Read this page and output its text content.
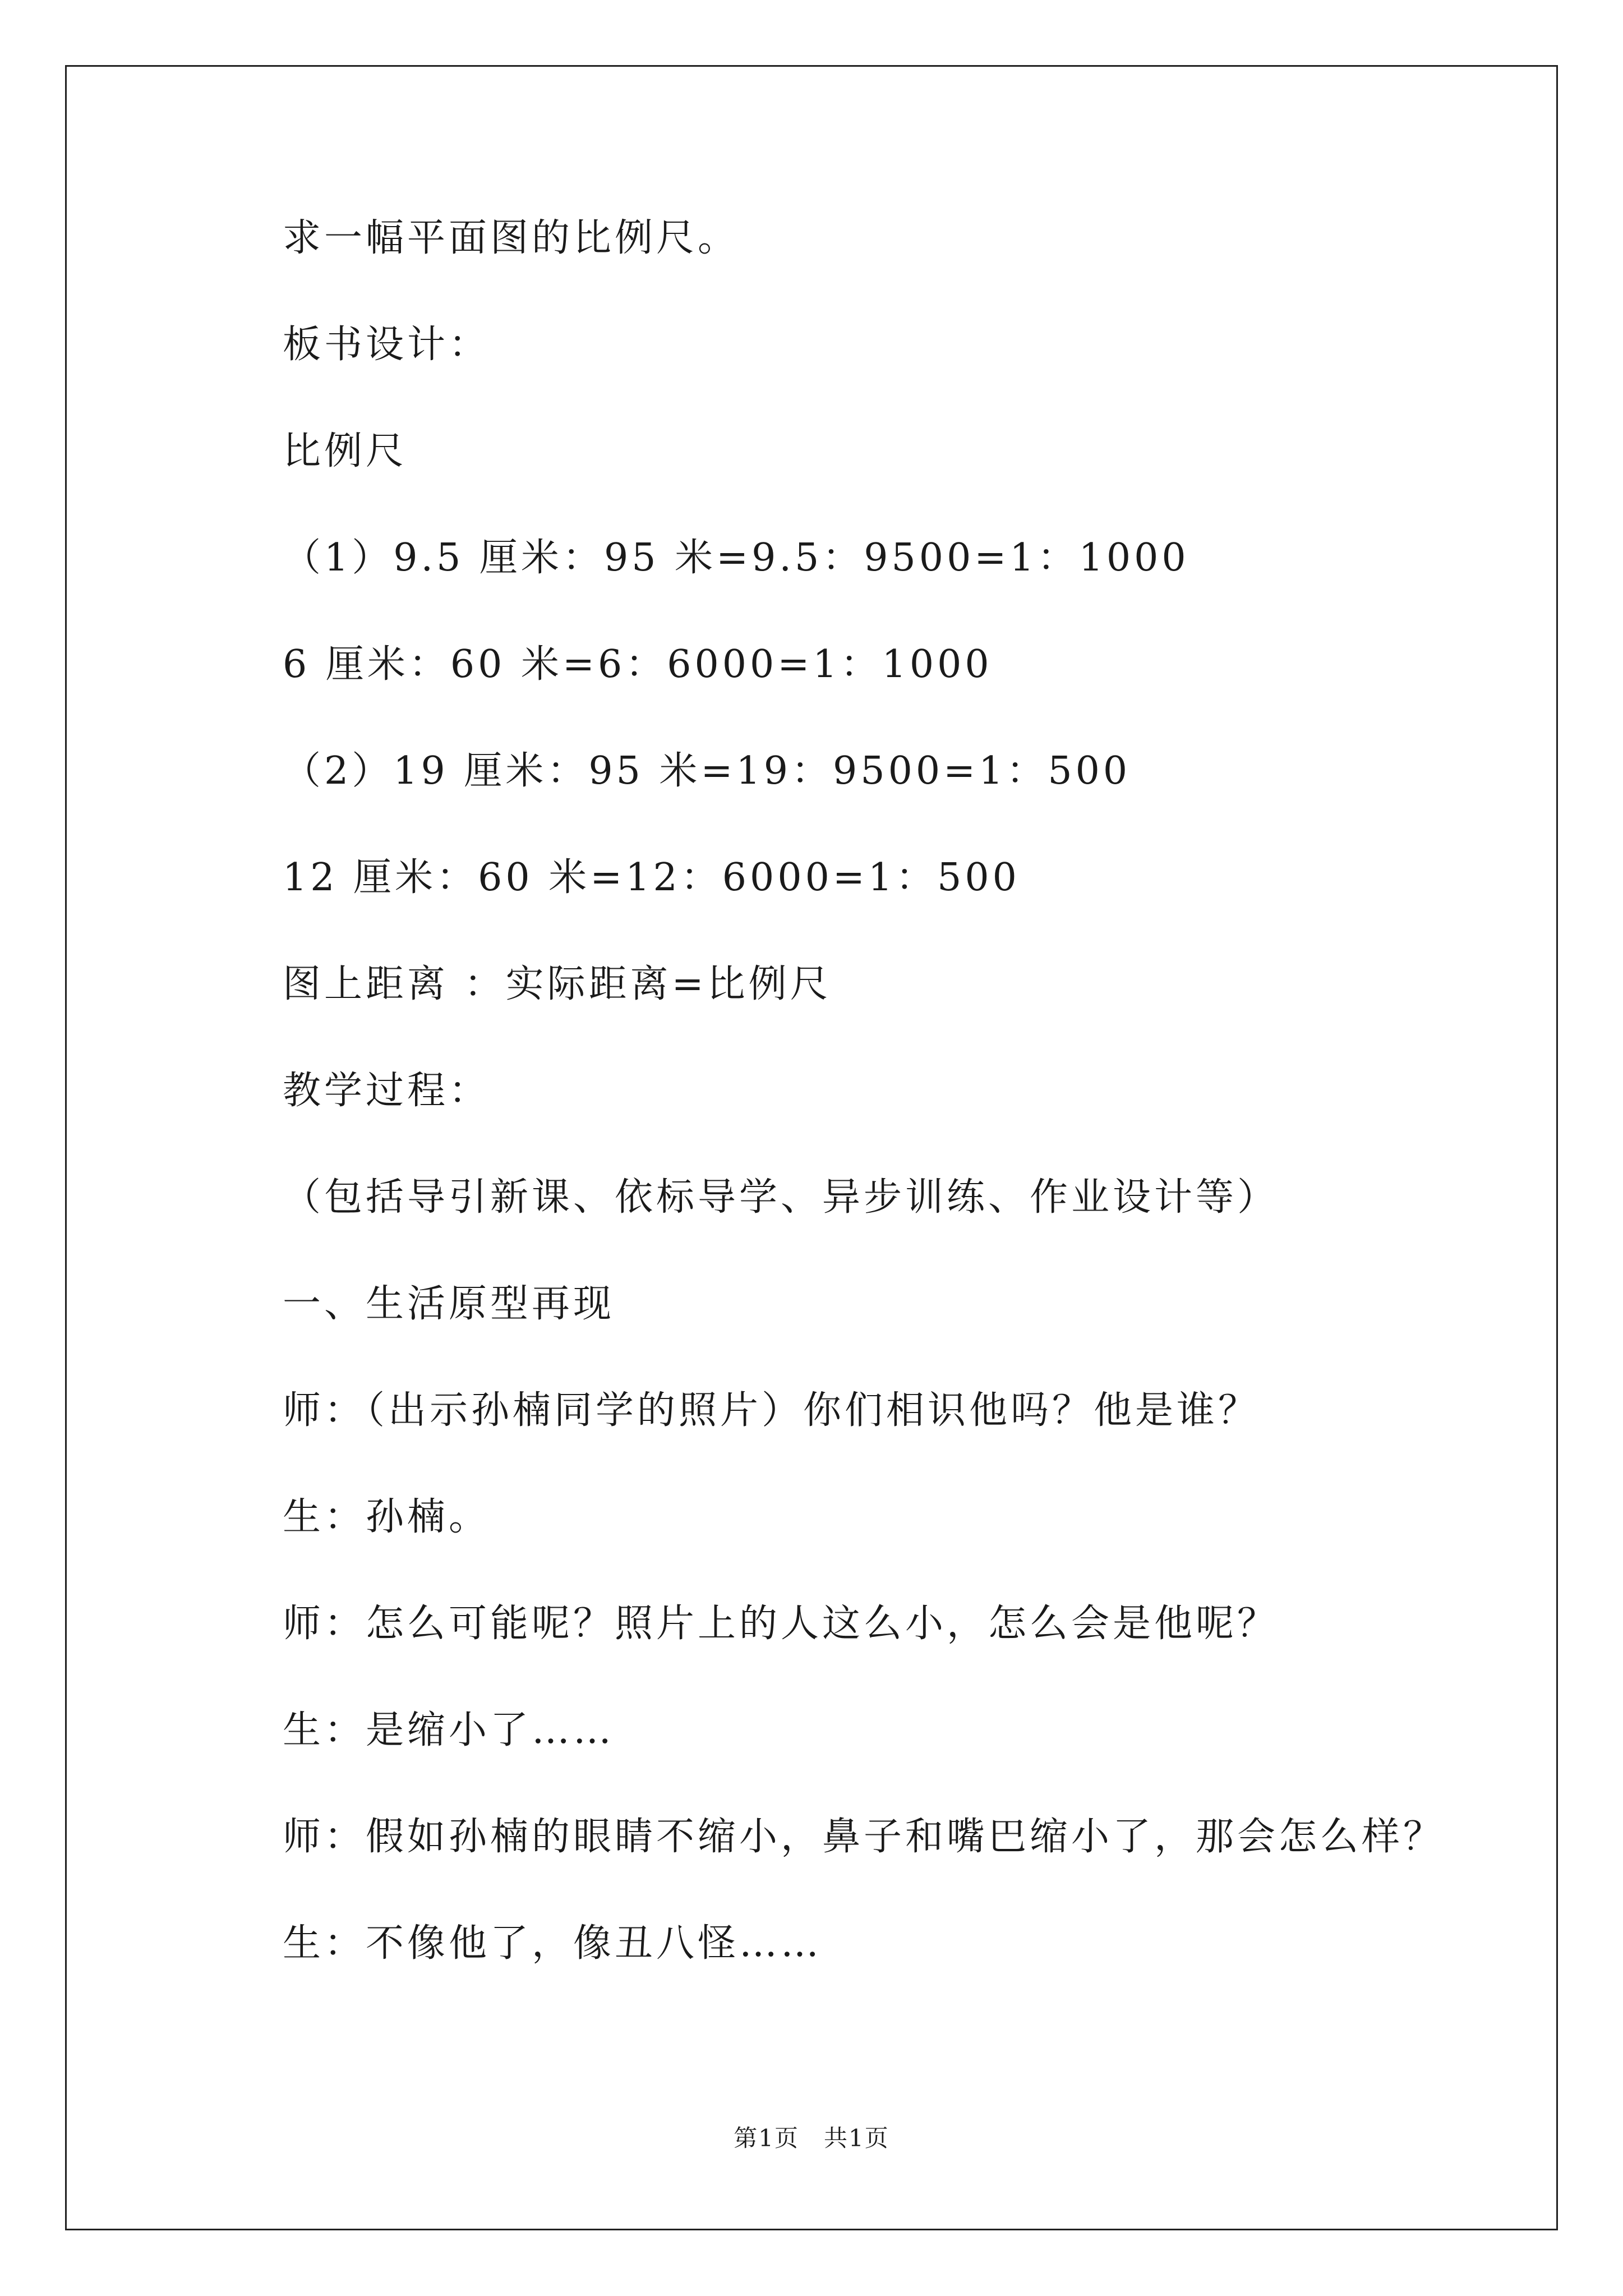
求一幅平面图的比例尺。
板书设计：
比例尺
（1）9.5 厘米：95 米=9.5：9500=1：1000
6 厘米：60 米=6：6000=1：1000
（2）19 厘米：95 米=19：9500=1：500
12 厘米：60 米=12：6000=1：500
图上距离 ：实际距离=比例尺
教学过程：
（包括导引新课、依标导学、异步训练、作业设计等）
一、生活原型再现
师：（出示孙楠同学的照片）你们相识他吗？他是谁？
生：孙楠。
师：怎么可能呢？照片上的人这么小，怎么会是他呢？
生：是缩小了……
师：假如孙楠的眼睛不缩小，鼻子和嘴巴缩小了，那会怎么样？
生：不像他了，像丑八怪……
第1页　共1页
